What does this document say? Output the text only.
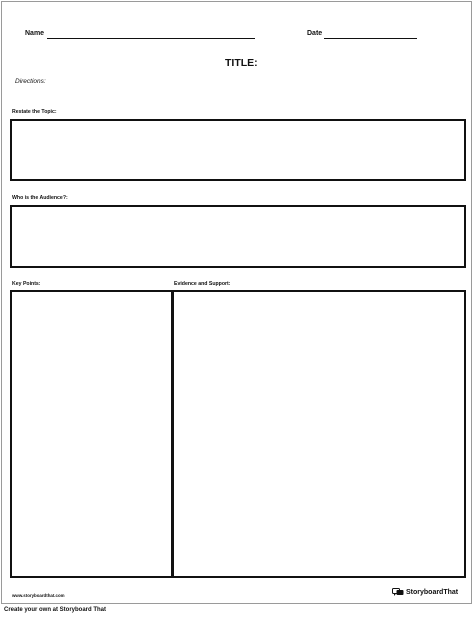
Name	Date
TITLE:
Directions:
Restate the Topic:
Who is the Audience?:
Key Points:	Evidence and Support:
www.storyboardthat.com	StoryboardThat
Create your own at Storyboard That
